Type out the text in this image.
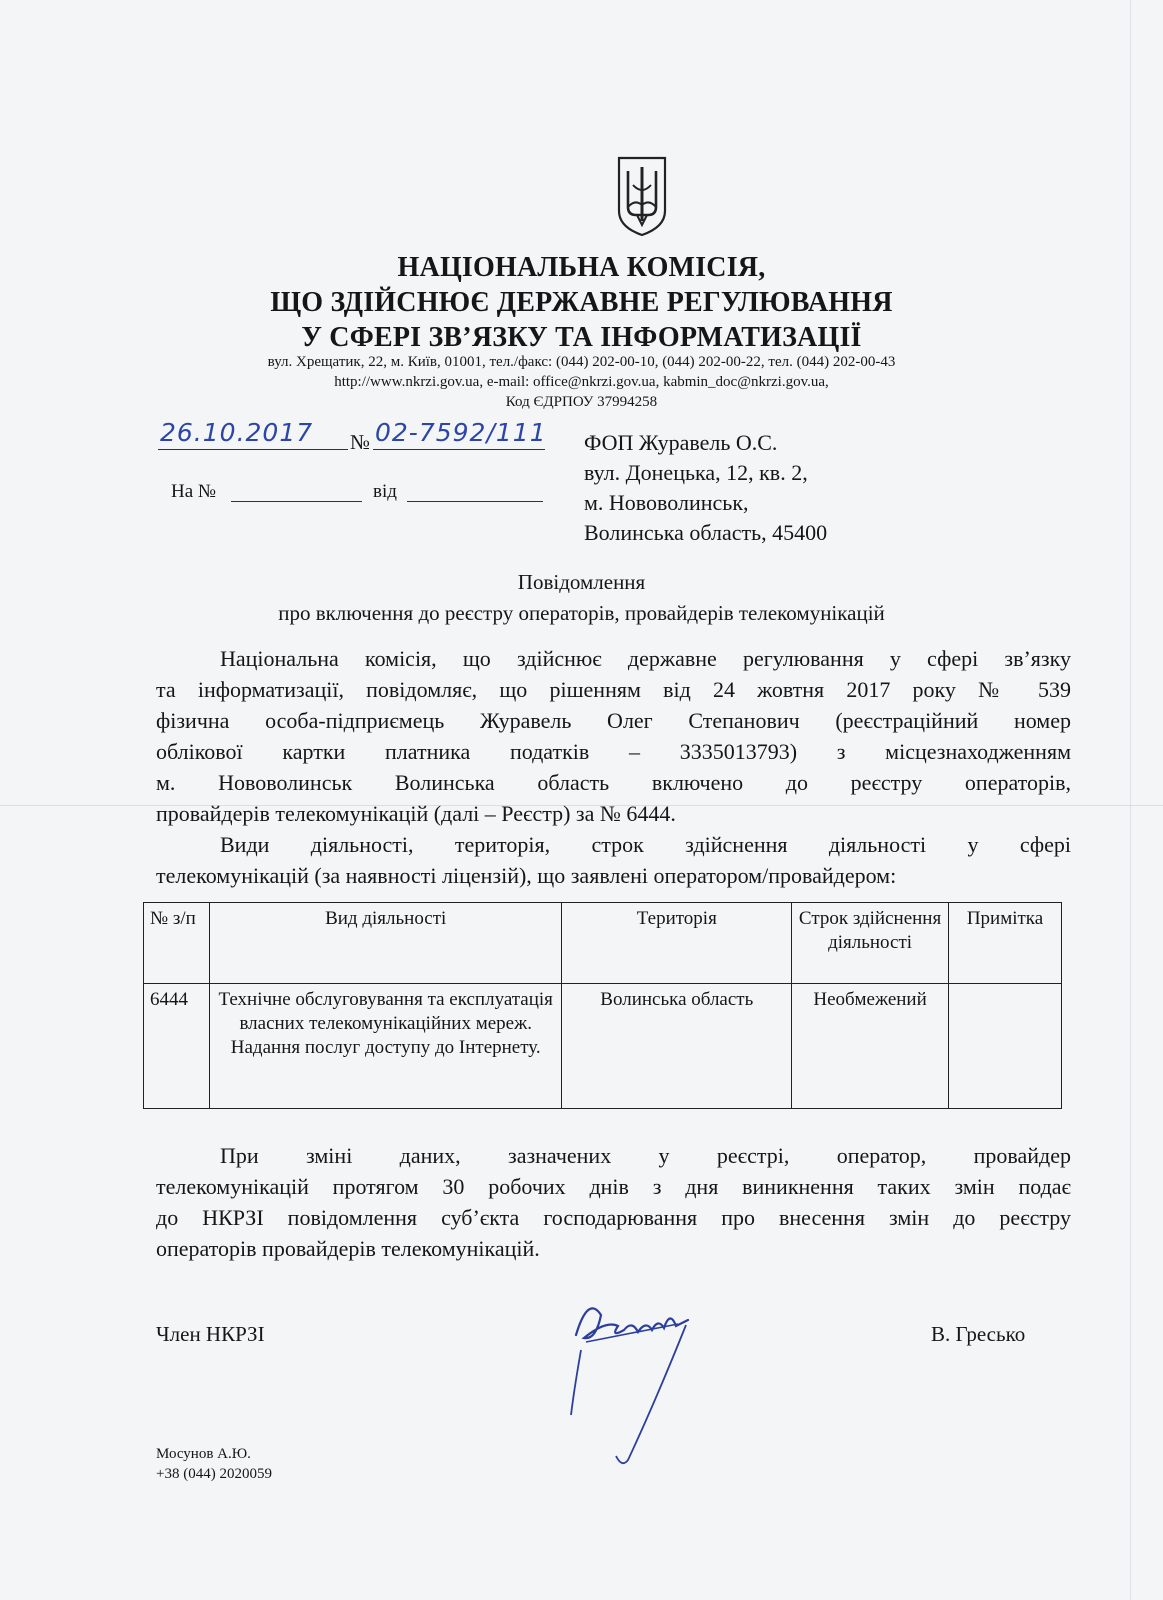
НАЦІОНАЛЬНА КОМІСІЯ,
ЩО ЗДІЙСНЮЄ ДЕРЖАВНЕ РЕГУЛЮВАННЯ
У СФЕРІ ЗВ’ЯЗКУ ТА ІНФОРМАТИЗАЦІЇ
вул. Хрещатик, 22, м. Київ, 01001, тел./факс: (044) 202-00-10, (044) 202-00-22, тел. (044) 202-00-43
http://www.nkrzi.gov.ua, e-mail: office@nkrzi.gov.ua, kabmin_doc@nkrzi.gov.ua,
Код ЄДРПОУ 37994258
26.10.2017 № 02-7592/111
На №	від
ФОП Журавель О.С.
вул. Донецька, 12, кв. 2,
м. Нововолинськ,
Волинська область, 45400
Повідомлення
про включення до реєстру операторів, провайдерів телекомунікацій
Національна комісія, що здійснює державне регулювання у сфері зв’язку
та інформатизації, повідомляє, що рішенням від 24 жовтня 2017 року № 539
фізична особа-підприємець Журавель Олег Степанович (реєстраційний номер
облікової картки платника податків – 3335013793) з місцезнаходженням
м. Нововолинськ Волинська область включено до реєстру операторів,
провайдерів телекомунікацій (далі – Реєстр) за № 6444.
Види діяльності, територія, строк здійснення діяльності у сфері
телекомунікацій (за наявності ліцензій), що заявлені оператором/провайдером:
№ з/п	Вид діяльності	Територія	Строк здійснення діяльності	Примітка
6444	Технічне обслуговування та експлуатація власних телекомунікаційних мереж. Надання послуг доступу до Інтернету.	Волинська область	Необмежений	
При зміні даних, зазначених у реєстрі, оператор, провайдер
телекомунікацій протягом 30 робочих днів з дня виникнення таких змін подає
до НКРЗІ повідомлення суб’єкта господарювання про внесення змін до реєстру
операторів провайдерів телекомунікацій.
Член НКРЗІ	В. Гресько
Мосунов А.Ю.
+38 (044) 2020059
